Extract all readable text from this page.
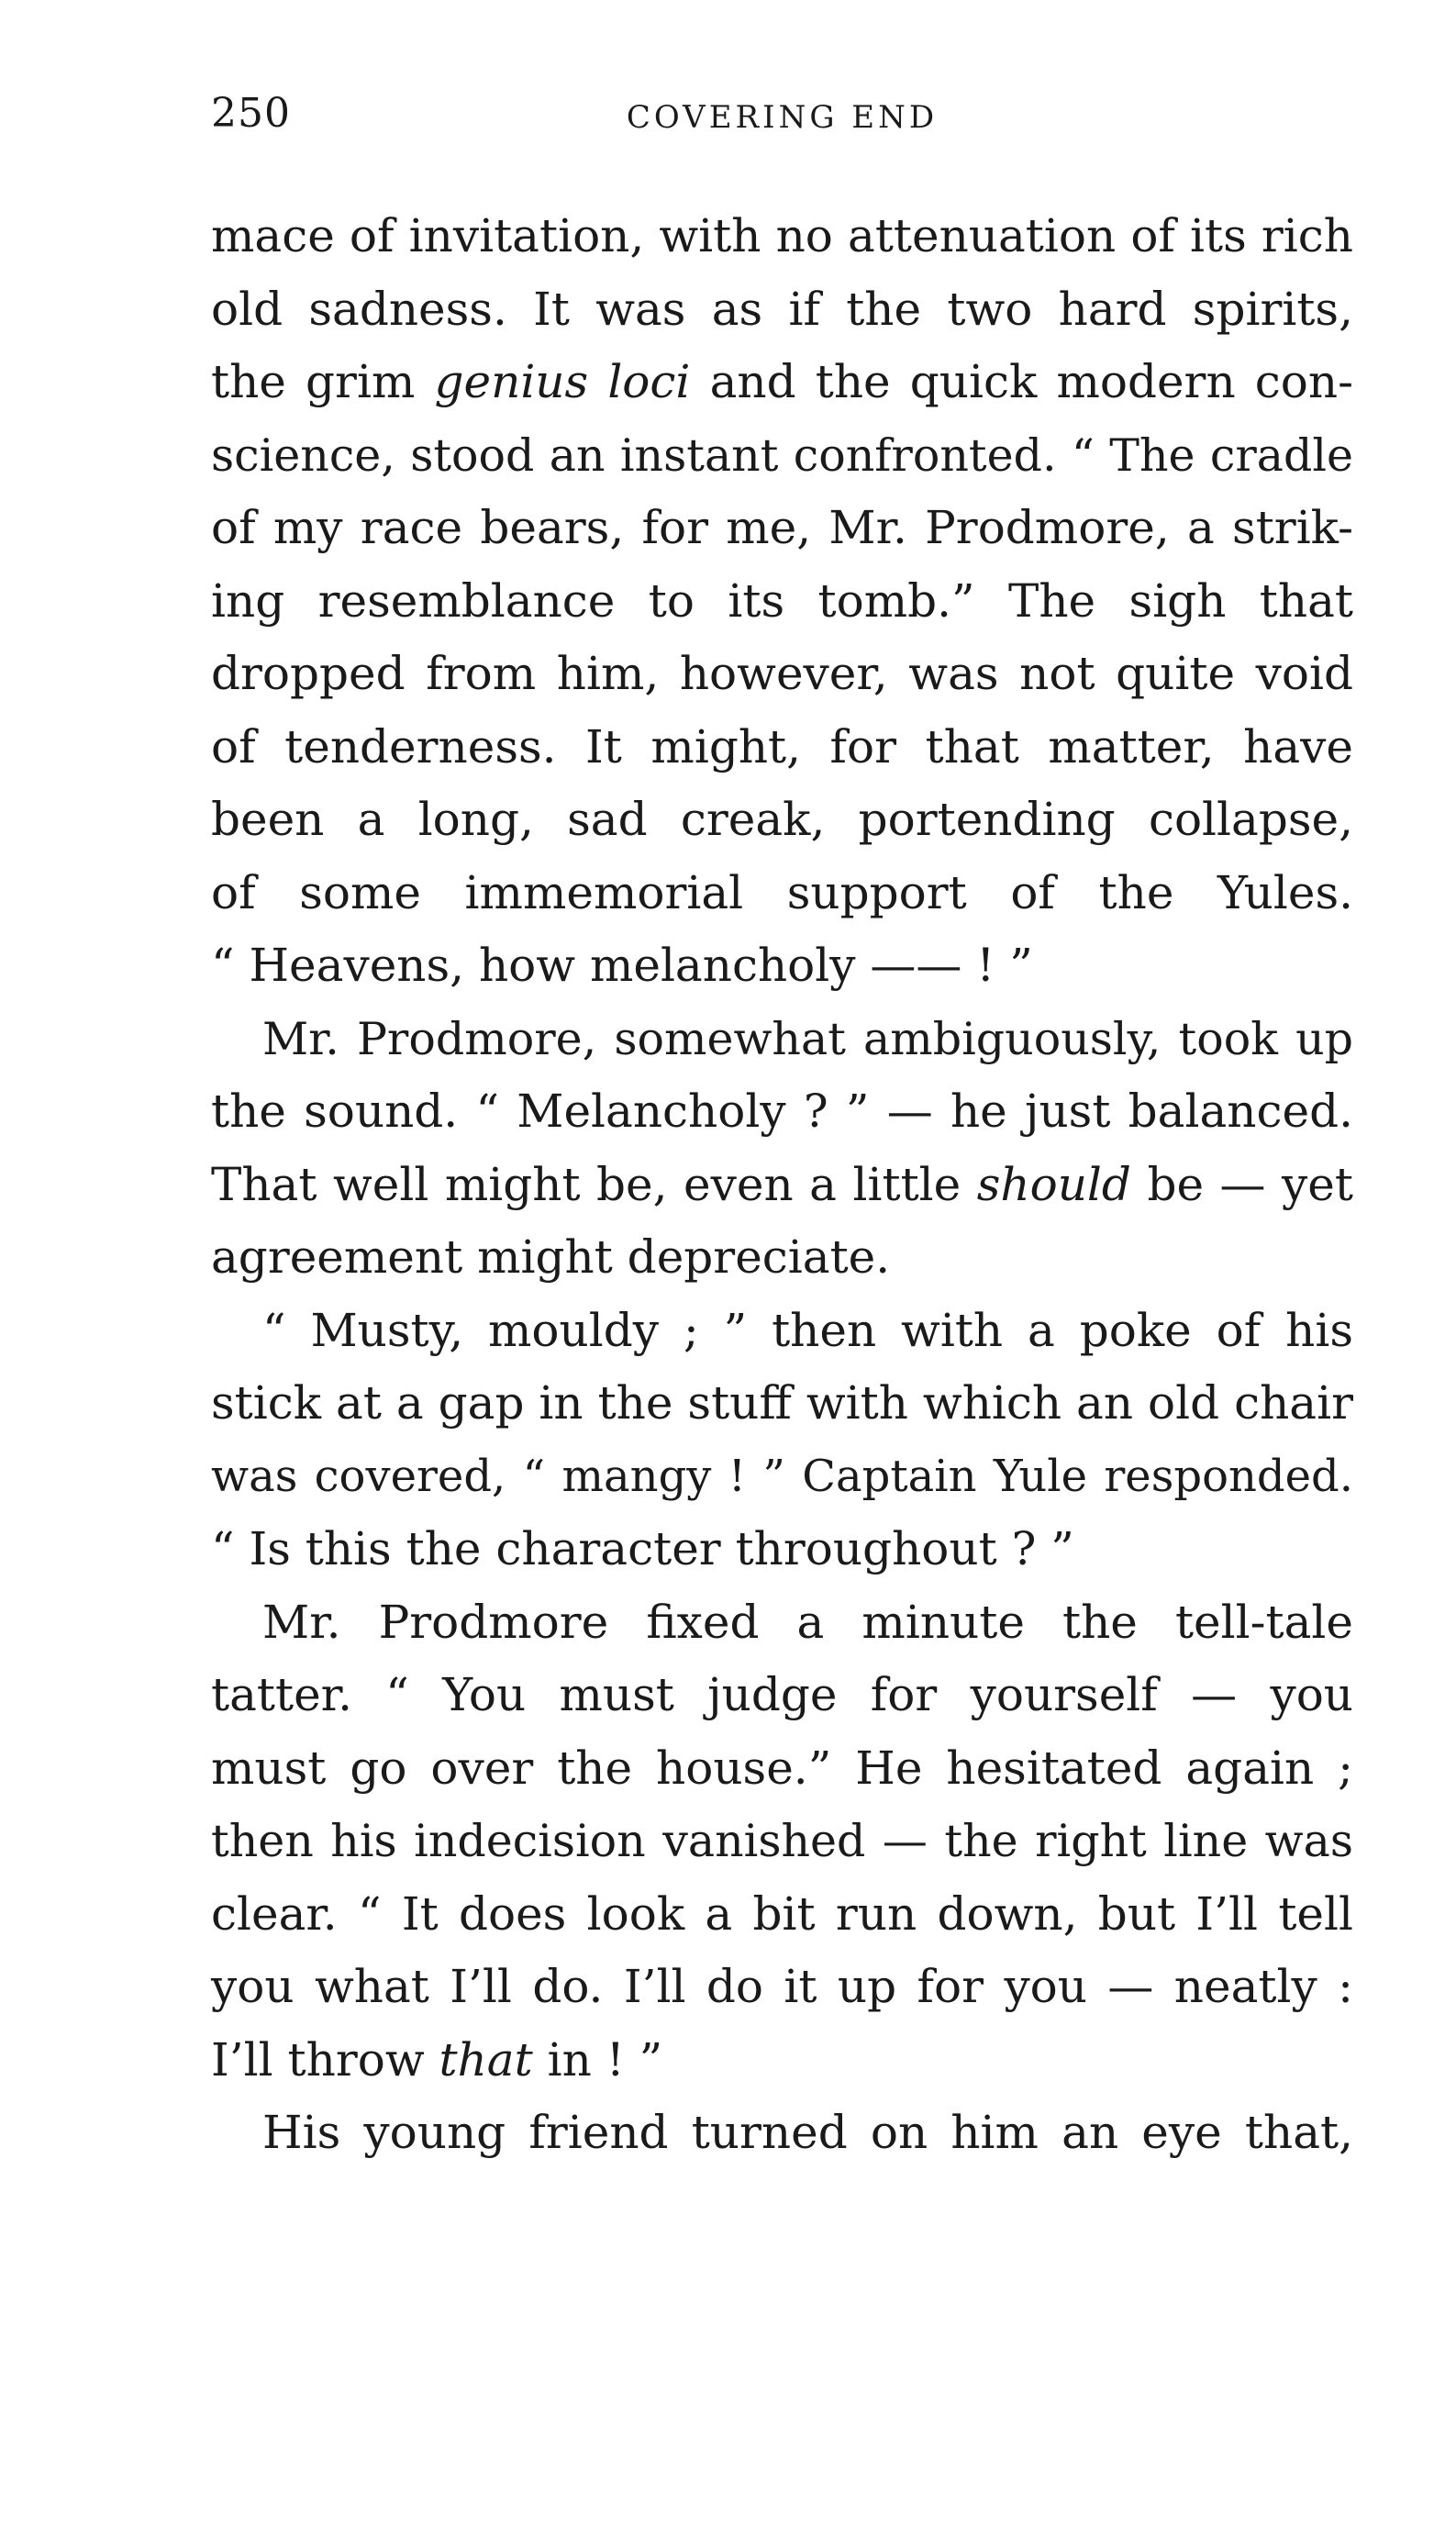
250	COVERING END
mace of invitation, with no attenuation of its rich
old sadness. It was as if the two hard spirits,
the grim genius loci and the quick modern con-
science, stood an instant confronted. “ The cradle
of my race bears, for me, Mr. Prodmore, a strik-
ing resemblance to its tomb.” The sigh that
dropped from him, however, was not quite void
of tenderness. It might, for that matter, have
been a long, sad creak, portending collapse,
of some immemorial support of the Yules.
“ Heavens, how melancholy —— ! ”
Mr. Prodmore, somewhat ambiguously, took up
the sound. “ Melancholy ? ” — he just balanced.
That well might be, even a little should be — yet
agreement might depreciate.
“ Musty, mouldy ; ” then with a poke of his
stick at a gap in the stuff with which an old chair
was covered, “ mangy ! ” Captain Yule responded.
“ Is this the character throughout ? ”
Mr. Prodmore fixed a minute the tell-tale
tatter. “ You must judge for yourself — you
must go over the house.” He hesitated again ;
then his indecision vanished — the right line was
clear. “ It does look a bit run down, but I’ll tell
you what I’ll do. I’ll do it up for you — neatly :
I’ll throw that in ! ”
His young friend turned on him an eye that,
